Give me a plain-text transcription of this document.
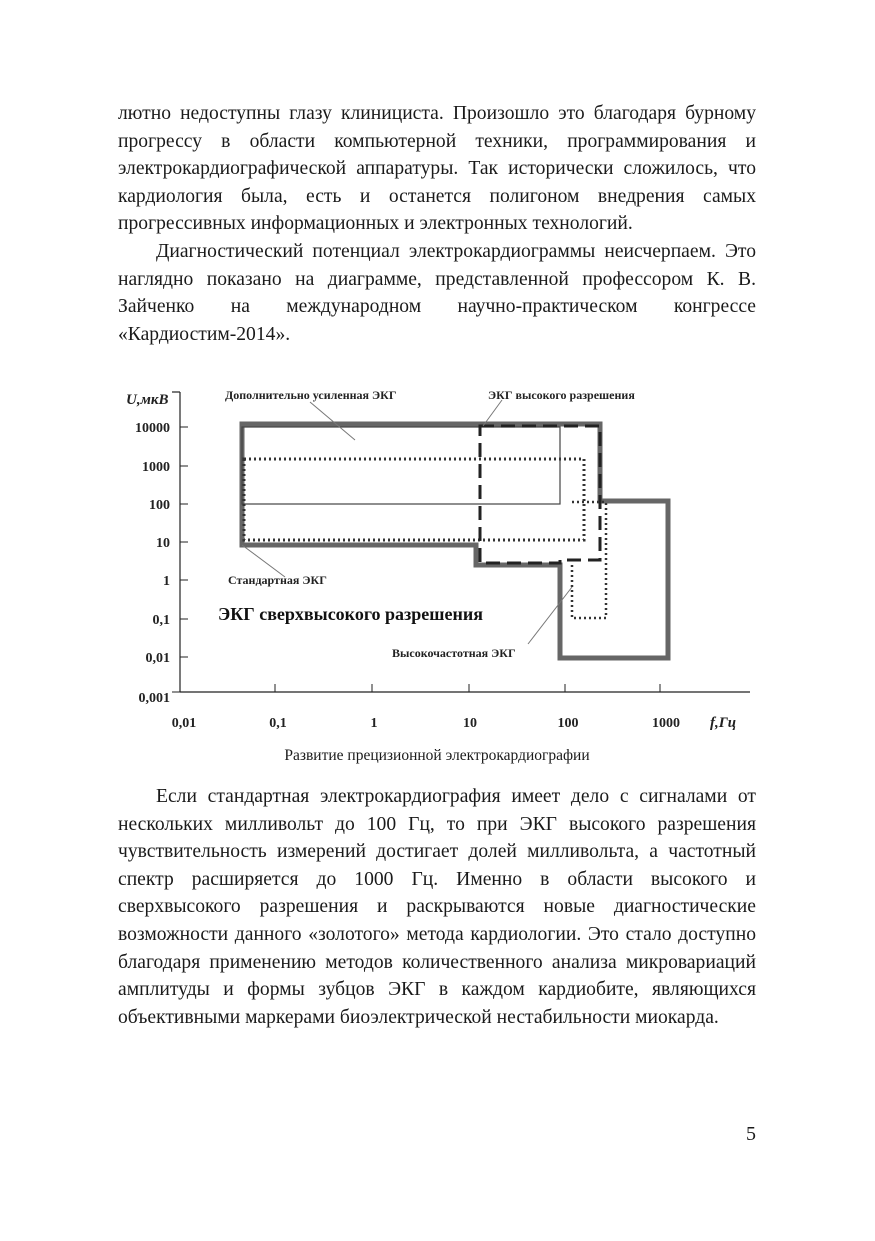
лютно недоступны глазу клинициста. Произошло это благодаря бурному прогрессу в области компьютерной техники, программирования и электрокардиографической аппаратуры. Так исторически сложилось, что кардиология была, есть и останется полигоном внедрения самых прогрессивных информационных и электронных технологий.

Диагностический потенциал электрокардиограммы неисчерпаем. Это наглядно показано на диаграмме, представленной профессором К. В. Зайченко на международном научно-практическом конгрессе «Кардиостим-2014».

10000
1000
100
10
1
0,1
0,01
0,001
0,01	0,1	1	10	100	1000
U,мкВ
f,Гц
Дополнительно усиленная ЭКГ	ЭКГ высокого разрешения
Стандартная ЭКГ
ЭКГ сверхвысокого разрешения
Высокочастотная ЭКГ
Развитие прецизионной электрокардиографии

Если стандартная электрокардиография имеет дело с сигналами от нескольких милливольт до 100 Гц, то при ЭКГ высокого разрешения чувствительность измерений достигает долей милливольта, а частотный спектр расширяется до 1000 Гц. Именно в области высокого и сверхвысокого разрешения и раскрываются новые диагностические возможности данного «золотого» метода кардиологии. Это стало доступно благодаря применению методов количественного анализа микровариаций амплитуды и формы зубцов ЭКГ в каждом кардиобите, являющихся объективными маркерами биоэлектрической нестабильности миокарда.

5
